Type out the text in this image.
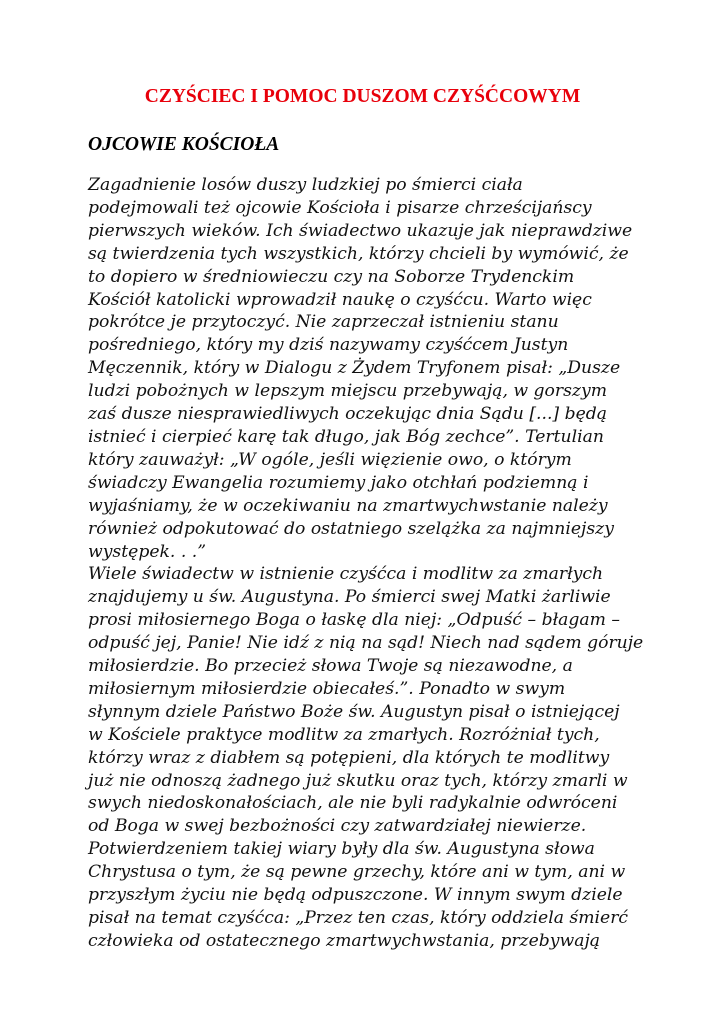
CZYŚCIEC I POMOC DUSZOM CZYŚĆCOWYM
OJCOWIE KOŚCIOŁA
Zagadnienie losów duszy ludzkiej po śmierci ciała
podejmowali też ojcowie Kościoła i pisarze chrześcijańscy
pierwszych wieków. Ich świadectwo ukazuje jak nieprawdziwe
są twierdzenia tych wszystkich, którzy chcieli by wymówić, że
to dopiero w średniowieczu czy na Soborze Trydenckim
Kościół katolicki wprowadził naukę o czyśćcu. Warto więc
pokrótce je przytoczyć. Nie zaprzeczał istnieniu stanu
pośredniego, który my dziś nazywamy czyśćcem Justyn
Męczennik, który w Dialogu z Żydem Tryfonem pisał: „Dusze
ludzi pobożnych w lepszym miejscu przebywają, w gorszym
zaś dusze niesprawiedliwych oczekując dnia Sądu [...] będą
istnieć i cierpieć karę tak długo, jak Bóg zechce”. Tertulian
który zauważył: „W ogóle, jeśli więzienie owo, o którym
świadczy Ewangelia rozumiemy jako otchłań podziemną i
wyjaśniamy, że w oczekiwaniu na zmartwychwstanie należy
również odpokutować do ostatniego szelążka za najmniejszy
występek. . .”
Wiele świadectw w istnienie czyśćca i modlitw za zmarłych
znajdujemy u św. Augustyna. Po śmierci swej Matki żarliwie
prosi miłosiernego Boga o łaskę dla niej: „Odpuść – błagam –
odpuść jej, Panie! Nie idź z nią na sąd! Niech nad sądem góruje
miłosierdzie. Bo przecież słowa Twoje są niezawodne, a
miłosiernym miłosierdzie obiecałeś.”. Ponadto w swym
słynnym dziele Państwo Boże św. Augustyn pisał o istniejącej
w Kościele praktyce modlitw za zmarłych. Rozróżniał tych,
którzy wraz z diabłem są potępieni, dla których te modlitwy
już nie odnoszą żadnego już skutku oraz tych, którzy zmarli w
swych niedoskonałościach, ale nie byli radykalnie odwróceni
od Boga w swej bezbożności czy zatwardziałej niewierze.
Potwierdzeniem takiej wiary były dla św. Augustyna słowa
Chrystusa o tym, że są pewne grzechy, które ani w tym, ani w
przyszłym życiu nie będą odpuszczone. W innym swym dziele
pisał na temat czyśćca: „Przez ten czas, który oddziela śmierć
człowieka od ostatecznego zmartwychwstania, przebywają
